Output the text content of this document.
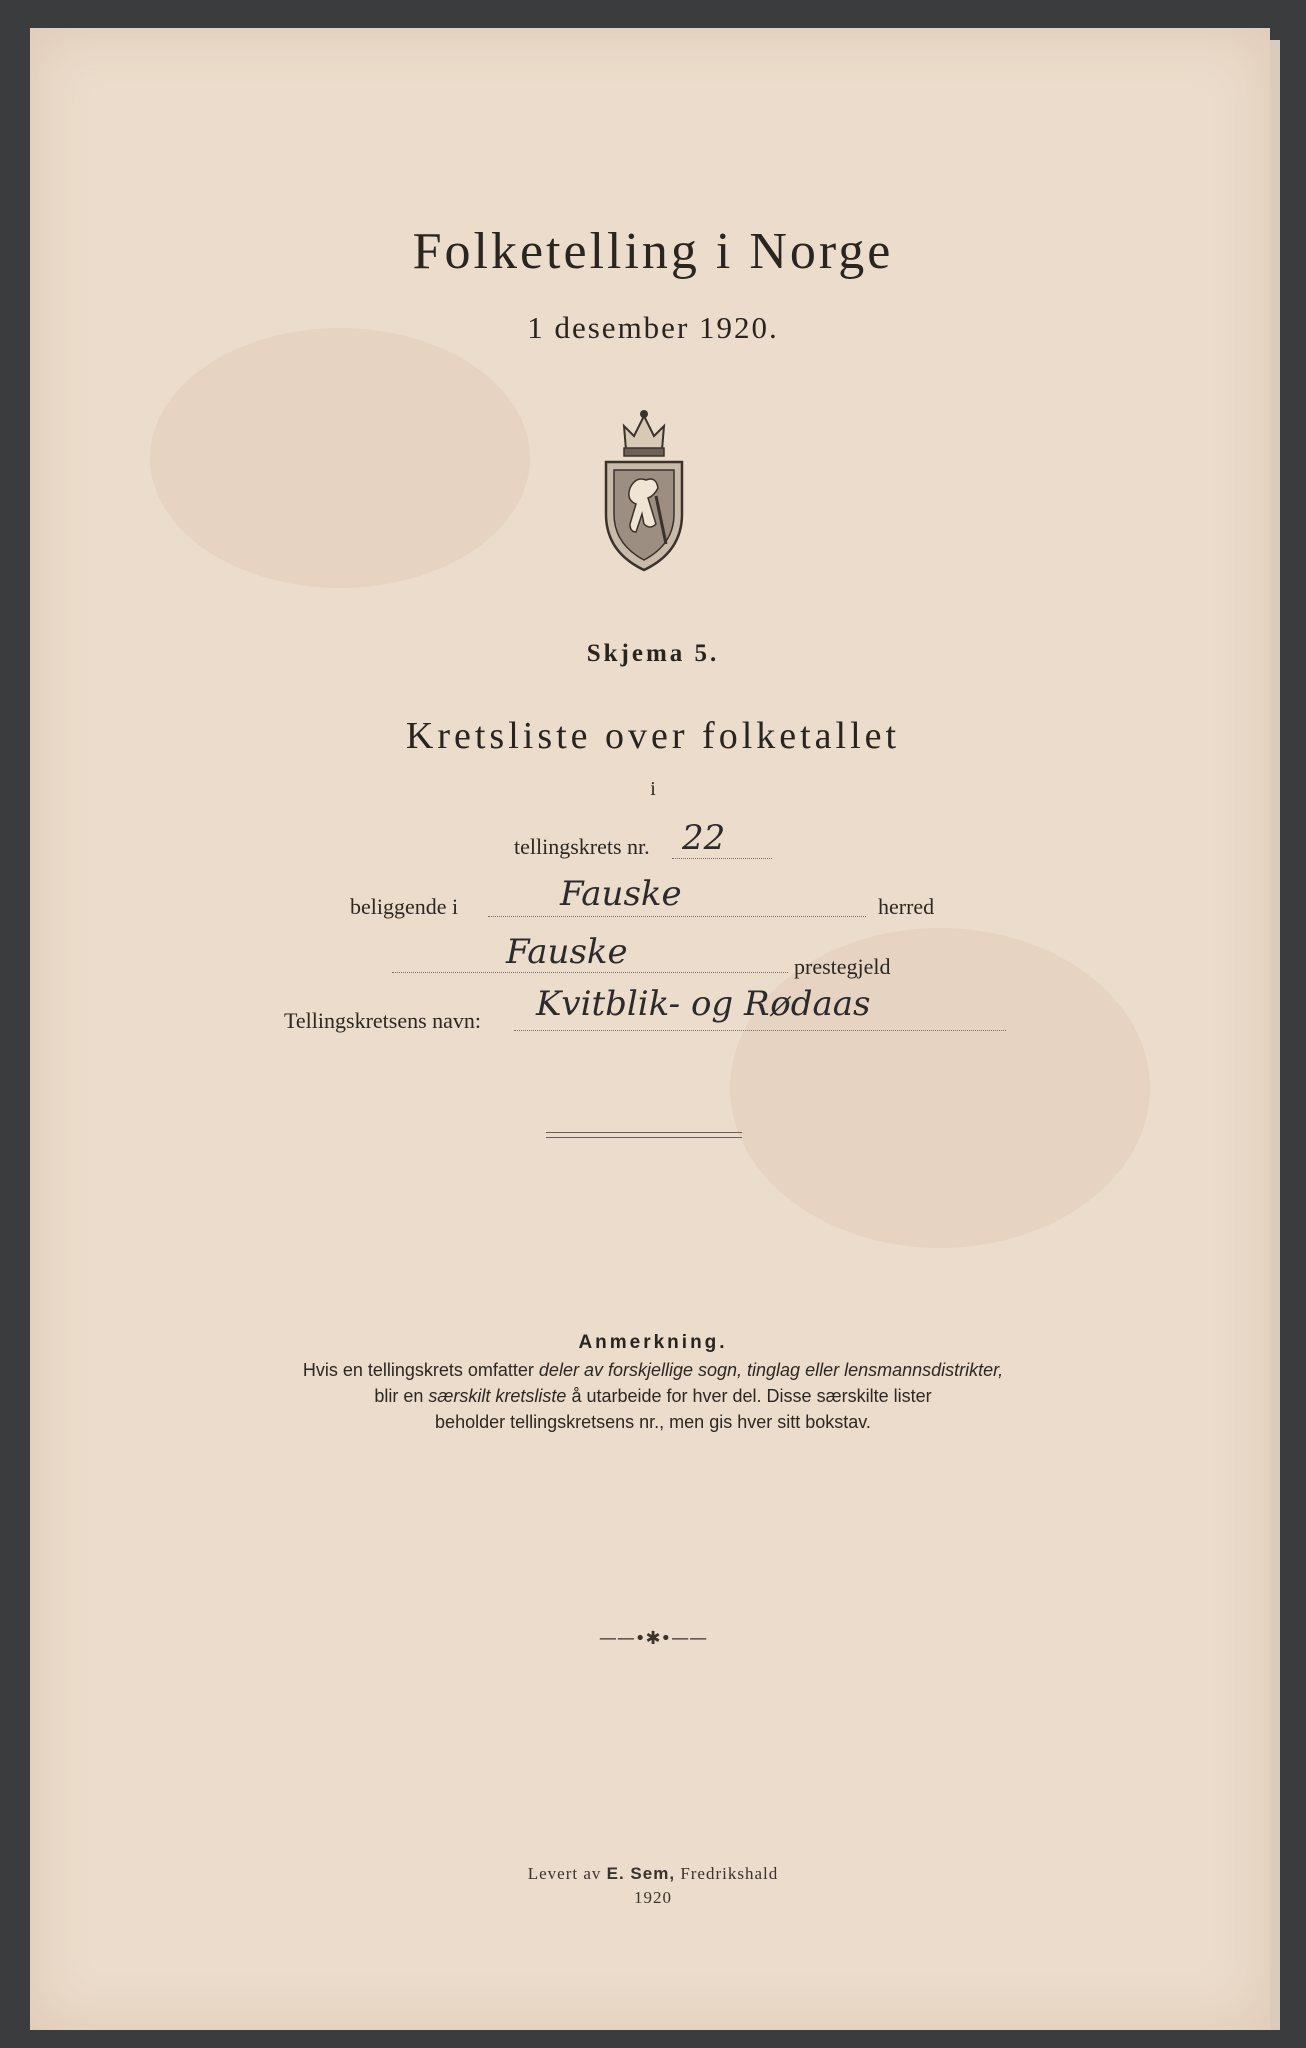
Folketelling i Norge
1 desember 1920.
Skjema 5.
Kretsliste over folketallet
i
tellingskrets nr. 22
beliggende i	Fauske	herred
Fauske	prestegjeld
Tellingskretsens navn: Kvitblik- og Rødaas
Anmerkning.
Hvis en tellingskrets omfatter deler av forskjellige sogn, tinglag eller lensmannsdistrikter,
blir en særskilt kretsliste å utarbeide for hver del. Disse særskilte lister
beholder tellingskretsens nr., men gis hver sitt bokstav.
——•✱•——
Levert av E. Sem, Fredrikshald
1920
